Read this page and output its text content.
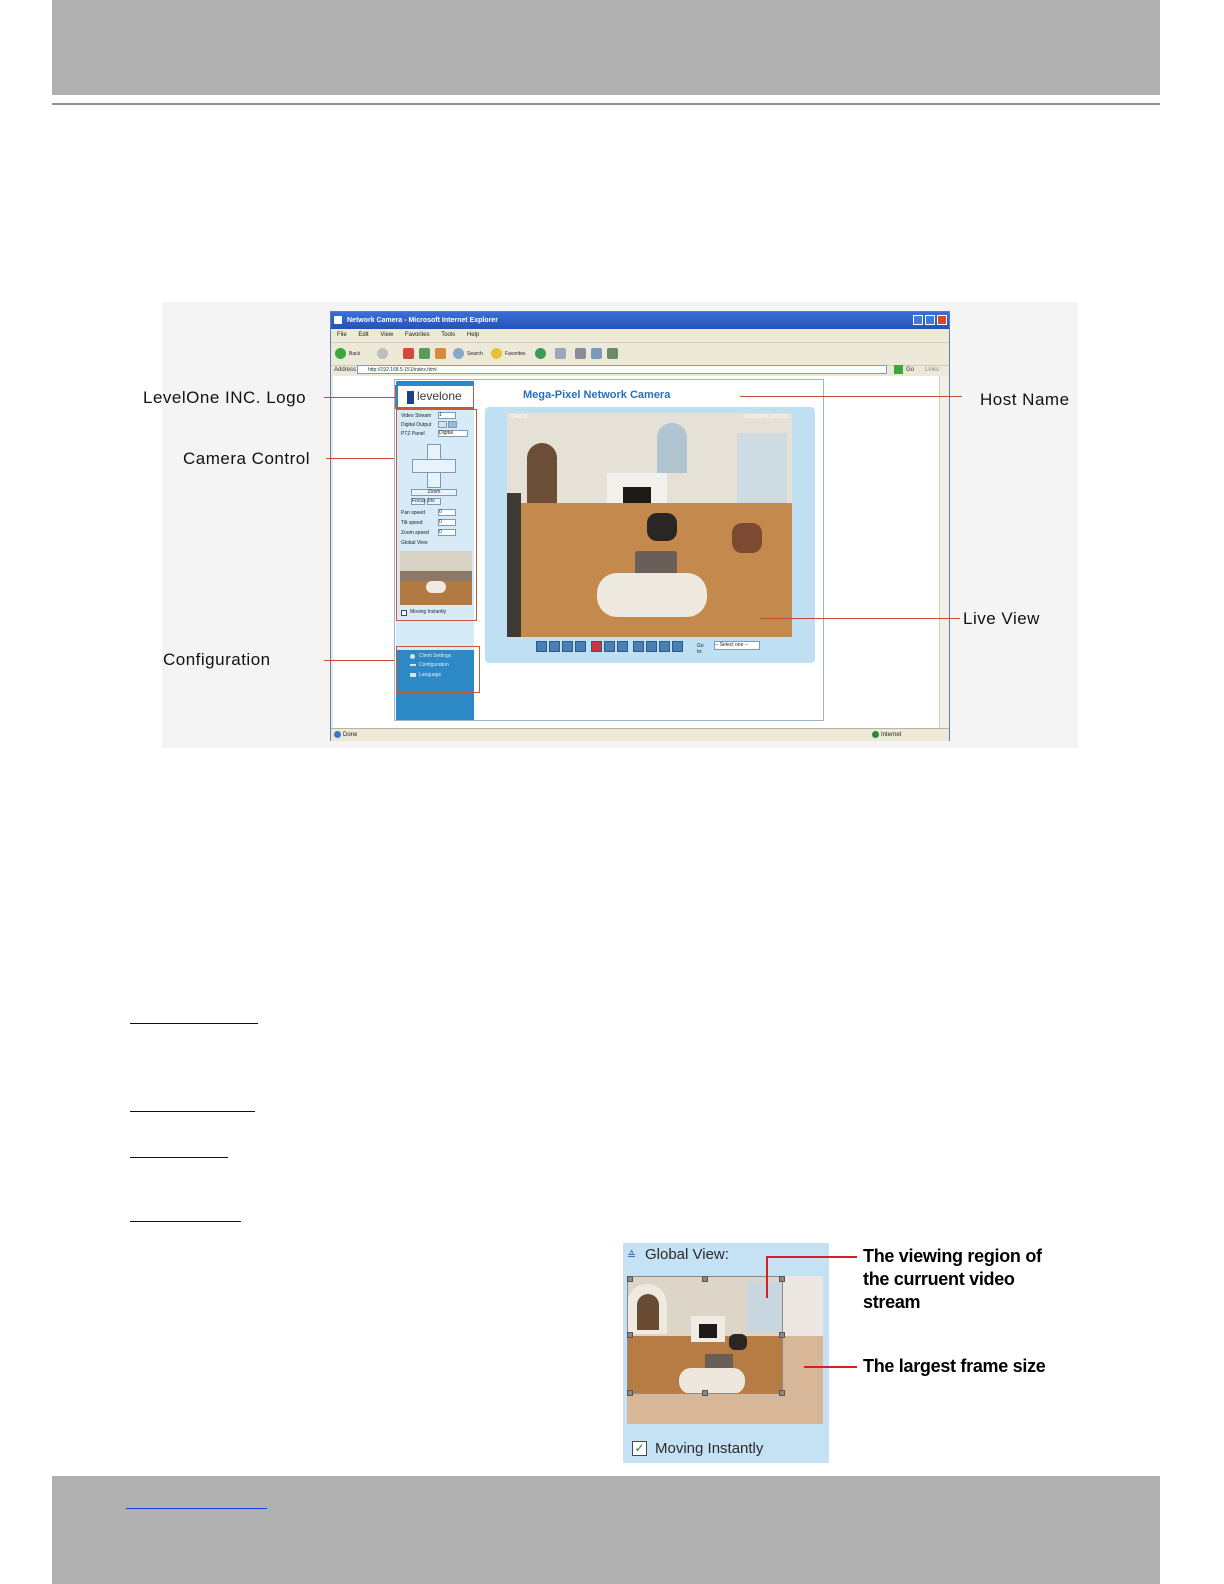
LevelOne INC. Logo
Camera Control
Configuration
Host Name
Live View
Network Camera - Microsoft Internet Explorer
File Edit View Favorites Tools Help
Back	Search	Favorites
Address	http://192.168.5.151/index.html	Go Links
levelone
Video Stream 1
Digital Output
PTZ Panel	Digital
Zoom
Focus Iris
Pan speed	0
Tilt speed	0
Zoom speed 0
Global View
Moving Instantly
Client Settings
Configuration
Language
Mega-Pixel Network Camera
CAM 01	2008/09/09 10:00:00
Go to:
-- Select one --
Done	Internet
≙ Global View:
✓ Moving Instantly
The viewing region of
the curruent video
stream
The largest frame size
